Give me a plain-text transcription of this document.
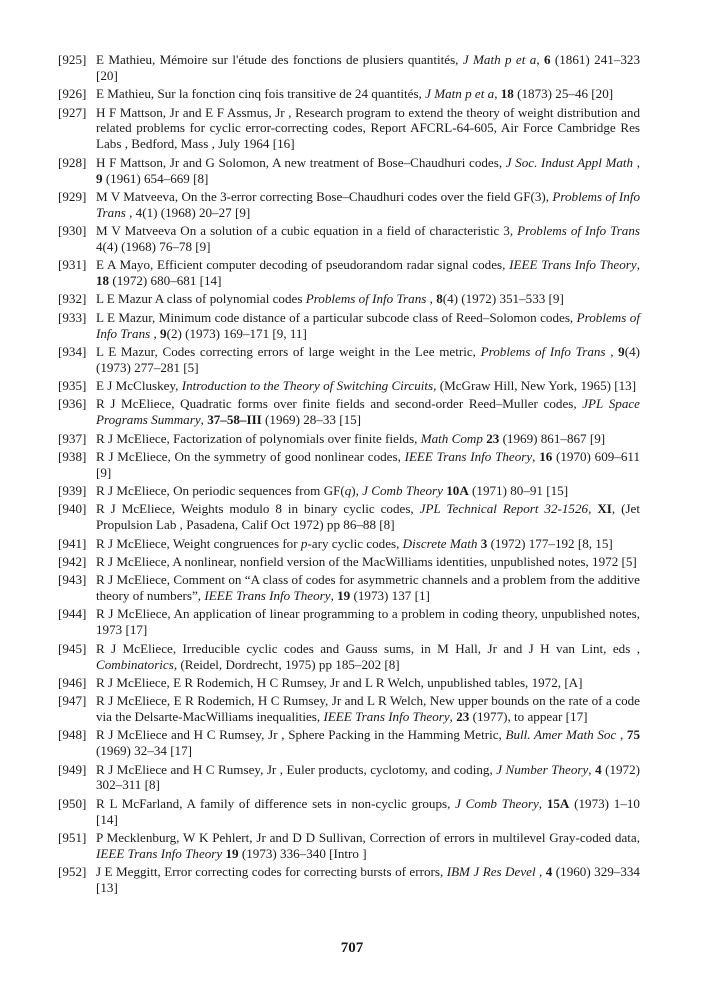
[925] E Mathieu, Mémoire sur l'étude des fonctions de plusiers quantités, J Math p et a, 6 (1861) 241–323 [20]
[926] E Mathieu, Sur la fonction cinq fois transitive de 24 quantités, J Matn p et a, 18 (1873) 25–46 [20]
[927] H F Mattson, Jr and E F Assmus, Jr , Research program to extend the theory of weight distribution and related problems for cyclic error-correcting codes, Report AFCRL-64-605, Air Force Cambridge Res Labs , Bedford, Mass , July 1964 [16]
[928] H F Mattson, Jr and G Solomon, A new treatment of Bose–Chaudhuri codes, J Soc. Indust Appl Math , 9 (1961) 654–669 [8]
[929] M V Matveeva, On the 3-error correcting Bose–Chaudhuri codes over the field GF(3), Problems of Info Trans , 4(1) (1968) 20–27 [9]
[930] M V Matveeva On a solution of a cubic equation in a field of characteristic 3, Problems of Info Trans 4(4) (1968) 76–78 [9]
[931] E A Mayo, Efficient computer decoding of pseudorandom radar signal codes, IEEE Trans Info Theory, 18 (1972) 680–681 [14]
[932] L E Mazur A class of polynomial codes Problems of Info Trans , 8(4) (1972) 351–533 [9]
[933] L E Mazur, Minimum code distance of a particular subcode class of Reed–Solomon codes, Problems of Info Trans , 9(2) (1973) 169–171 [9, 11]
[934] L E Mazur, Codes correcting errors of large weight in the Lee metric, Problems of Info Trans , 9(4) (1973) 277–281 [5]
[935] E J McCluskey, Introduction to the Theory of Switching Circuits, (McGraw Hill, New York, 1965) [13]
[936] R J McEliece, Quadratic forms over finite fields and second-order Reed–Muller codes, JPL Space Programs Summary, 37–58–III (1969) 28–33 [15]
[937] R J McEliece, Factorization of polynomials over finite fields, Math Comp 23 (1969) 861–867 [9]
[938] R J McEliece, On the symmetry of good nonlinear codes, IEEE Trans Info Theory, 16 (1970) 609–611 [9]
[939] R J McEliece, On periodic sequences from GF(q), J Comb Theory 10A (1971) 80–91 [15]
[940] R J McEliece, Weights modulo 8 in binary cyclic codes, JPL Technical Report 32-1526, XI, (Jet Propulsion Lab , Pasadena, Calif Oct 1972) pp 86–88 [8]
[941] R J McEliece, Weight congruences for p-ary cyclic codes, Discrete Math 3 (1972) 177–192 [8, 15]
[942] R J McEliece, A nonlinear, nonfield version of the MacWilliams identities, unpublished notes, 1972 [5]
[943] R J McEliece, Comment on “A class of codes for asymmetric channels and a problem from the additive theory of numbers”, IEEE Trans Info Theory, 19 (1973) 137 [1]
[944] R J McEliece, An application of linear programming to a problem in coding theory, unpublished notes, 1973 [17]
[945] R J McEliece, Irreducible cyclic codes and Gauss sums, in M Hall, Jr and J H van Lint, eds , Combinatorics, (Reidel, Dordrecht, 1975) pp 185–202 [8]
[946] R J McEliece, E R Rodemich, H C Rumsey, Jr and L R Welch, unpublished tables, 1972, [A]
[947] R J McEliece, E R Rodemich, H C Rumsey, Jr and L R Welch, New upper bounds on the rate of a code via the Delsarte-MacWilliams inequalities, IEEE Trans Info Theory, 23 (1977), to appear [17]
[948] R J McEliece and H C Rumsey, Jr , Sphere Packing in the Hamming Metric, Bull. Amer Math Soc , 75 (1969) 32–34 [17]
[949] R J McEliece and H C Rumsey, Jr , Euler products, cyclotomy, and coding, J Number Theory, 4 (1972) 302–311 [8]
[950] R L McFarland, A family of difference sets in non-cyclic groups, J Comb Theory, 15A (1973) 1–10 [14]
[951] P Mecklenburg, W K Pehlert, Jr and D D Sullivan, Correction of errors in multilevel Gray-coded data, IEEE Trans Info Theory 19 (1973) 336–340 [Intro ]
[952] J E Meggitt, Error correcting codes for correcting bursts of errors, IBM J Res Devel , 4 (1960) 329–334 [13]
707
